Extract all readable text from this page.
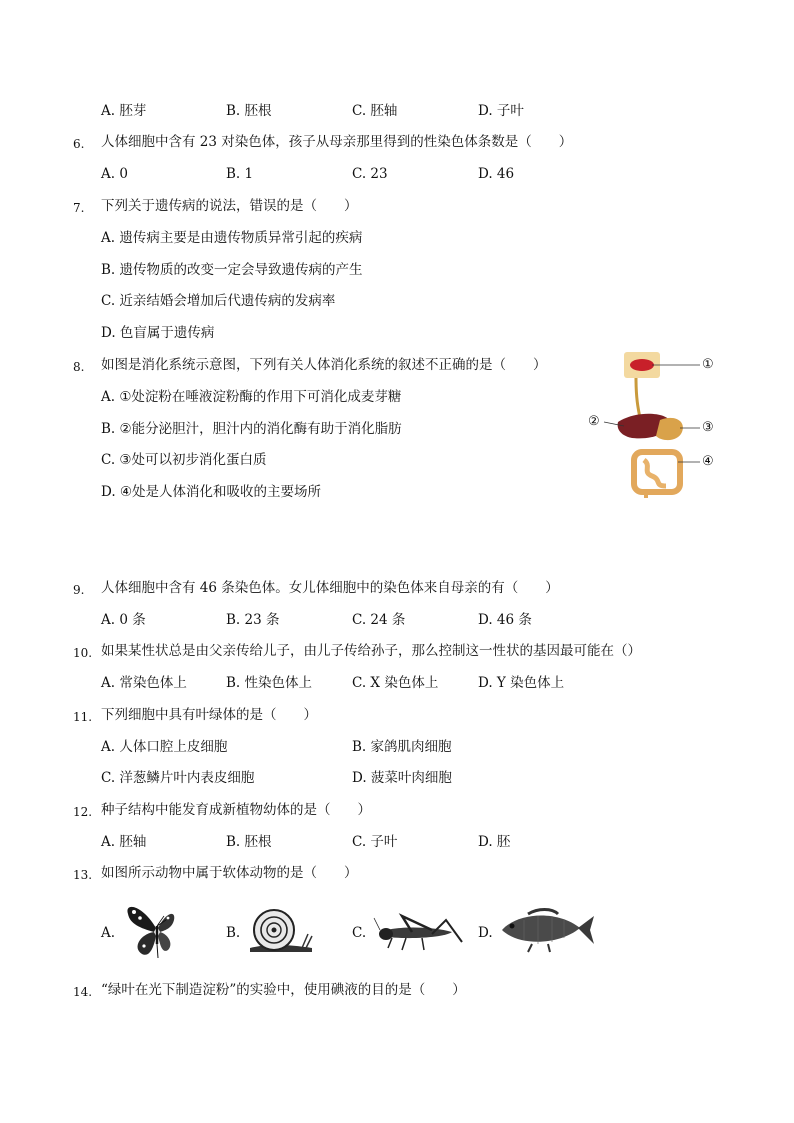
A. 胚芽	B. 胚根	C. 胚轴	D. 子叶
6. 人体细胞中含有 23 对染色体，孩子从母亲那里得到的性染色体条数是（　　）
A. 0	B. 1	C. 23	D. 46
7. 下列关于遗传病的说法，错误的是（　　）
A. 遗传病主要是由遗传物质异常引起的疾病
B. 遗传物质的改变一定会导致遗传病的产生
C. 近亲结婚会增加后代遗传病的发病率
D. 色盲属于遗传病
8. 如图是消化系统示意图，下列有关人体消化系统的叙述不正确的是（　　）
A. ①处淀粉在唾液淀粉酶的作用下可消化成麦芽糖
B. ②能分泌胆汁，胆汁内的消化酶有助于消化脂肪
C. ③处可以初步消化蛋白质
D. ④处是人体消化和吸收的主要场所
①
②	③
④
9. 人体细胞中含有 46 条染色体。女儿体细胞中的染色体来自母亲的有（　　）
A. 0 条	B. 23 条	C. 24 条	D. 46 条
10. 如果某性状总是由父亲传给儿子，由儿子传给孙子，那么控制这一性状的基因最可能在（）
A. 常染色体上	B. 性染色体上	C. X 染色体上	D. Y 染色体上
11. 下列细胞中具有叶绿体的是（　　）
A. 人体口腔上皮细胞	B. 家鸽肌肉细胞
C. 洋葱鳞片叶内表皮细胞	D. 菠菜叶肉细胞
12. 种子结构中能发育成新植物幼体的是（　　）
A. 胚轴	B. 胚根	C. 子叶	D. 胚
13. 如图所示动物中属于软体动物的是（　　）
A.	B.	C.	D.
14. “绿叶在光下制造淀粉”的实验中，使用碘液的目的是（　　）
